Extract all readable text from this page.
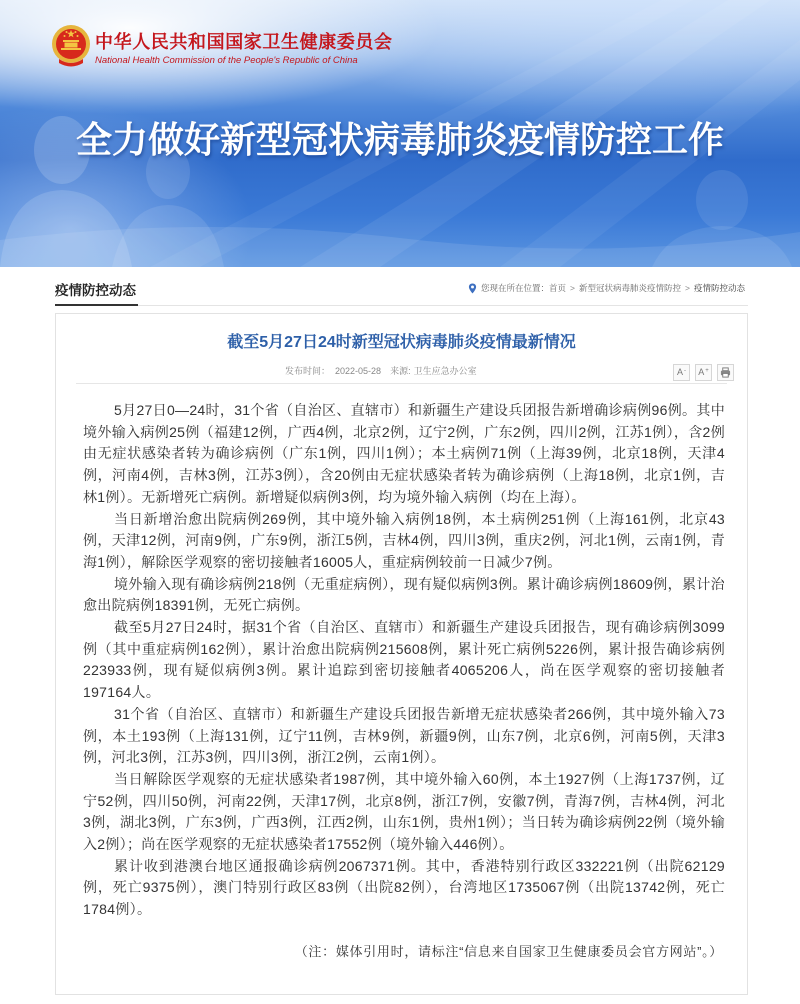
中华人民共和国国家卫生健康委员会
National Health Commission of the People's Republic of China
全力做好新型冠状病毒肺炎疫情防控工作
疫情防控动态	您现在所在位置： 首页 > 新型冠状病毒肺炎疫情防控 > 疫情防控动态
截至5月27日24时新型冠状病毒肺炎疫情最新情况
发布时间： 2022-05-28 来源: 卫生应急办公室	A- A+

5月27日0—24时，31个省（自治区、直辖市）和新疆生产建设兵团报告新增确诊病例96例。其中境外输入病例25例（福建12例，广西4例，北京2例，辽宁2例，广东2例，四川2例，江苏1例），含2例由无症状感染者转为确诊病例（广东1例，四川1例）；本土病例71例（上海39例，北京18例，天津4例，河南4例，吉林3例，江苏3例），含20例由无症状感染者转为确诊病例（上海18例，北京1例，吉林1例）。无新增死亡病例。新增疑似病例3例，均为境外输入病例（均在上海）。

当日新增治愈出院病例269例，其中境外输入病例18例，本土病例251例（上海161例，北京43例，天津12例，河南9例，广东9例，浙江5例，吉林4例，四川3例，重庆2例，河北1例，云南1例，青海1例），解除医学观察的密切接触者16005人，重症病例较前一日减少7例。

境外输入现有确诊病例218例（无重症病例），现有疑似病例3例。累计确诊病例18609例，累计治愈出院病例18391例，无死亡病例。

截至5月27日24时，据31个省（自治区、直辖市）和新疆生产建设兵团报告，现有确诊病例3099例（其中重症病例162例），累计治愈出院病例215608例，累计死亡病例5226例，累计报告确诊病例223933例，现有疑似病例3例。累计追踪到密切接触者4065206人，尚在医学观察的密切接触者197164人。

31个省（自治区、直辖市）和新疆生产建设兵团报告新增无症状感染者266例，其中境外输入73例，本土193例（上海131例，辽宁11例，吉林9例，新疆9例，山东7例，北京6例，河南5例，天津3例，河北3例，江苏3例，四川3例，浙江2例，云南1例）。

当日解除医学观察的无症状感染者1987例，其中境外输入60例，本土1927例（上海1737例，辽宁52例，四川50例，河南22例，天津17例，北京8例，浙江7例，安徽7例，青海7例，吉林4例，河北3例，湖北3例，广东3例，广西3例，江西2例，山东1例，贵州1例）；当日转为确诊病例22例（境外输入2例）；尚在医学观察的无症状感染者17552例（境外输入446例）。

累计收到港澳台地区通报确诊病例2067371例。其中，香港特别行政区332221例（出院62129例，死亡9375例），澳门特别行政区83例（出院82例），台湾地区1735067例（出院13742例，死亡1784例）。

（注：媒体引用时，请标注“信息来自国家卫生健康委员会官方网站”。）
